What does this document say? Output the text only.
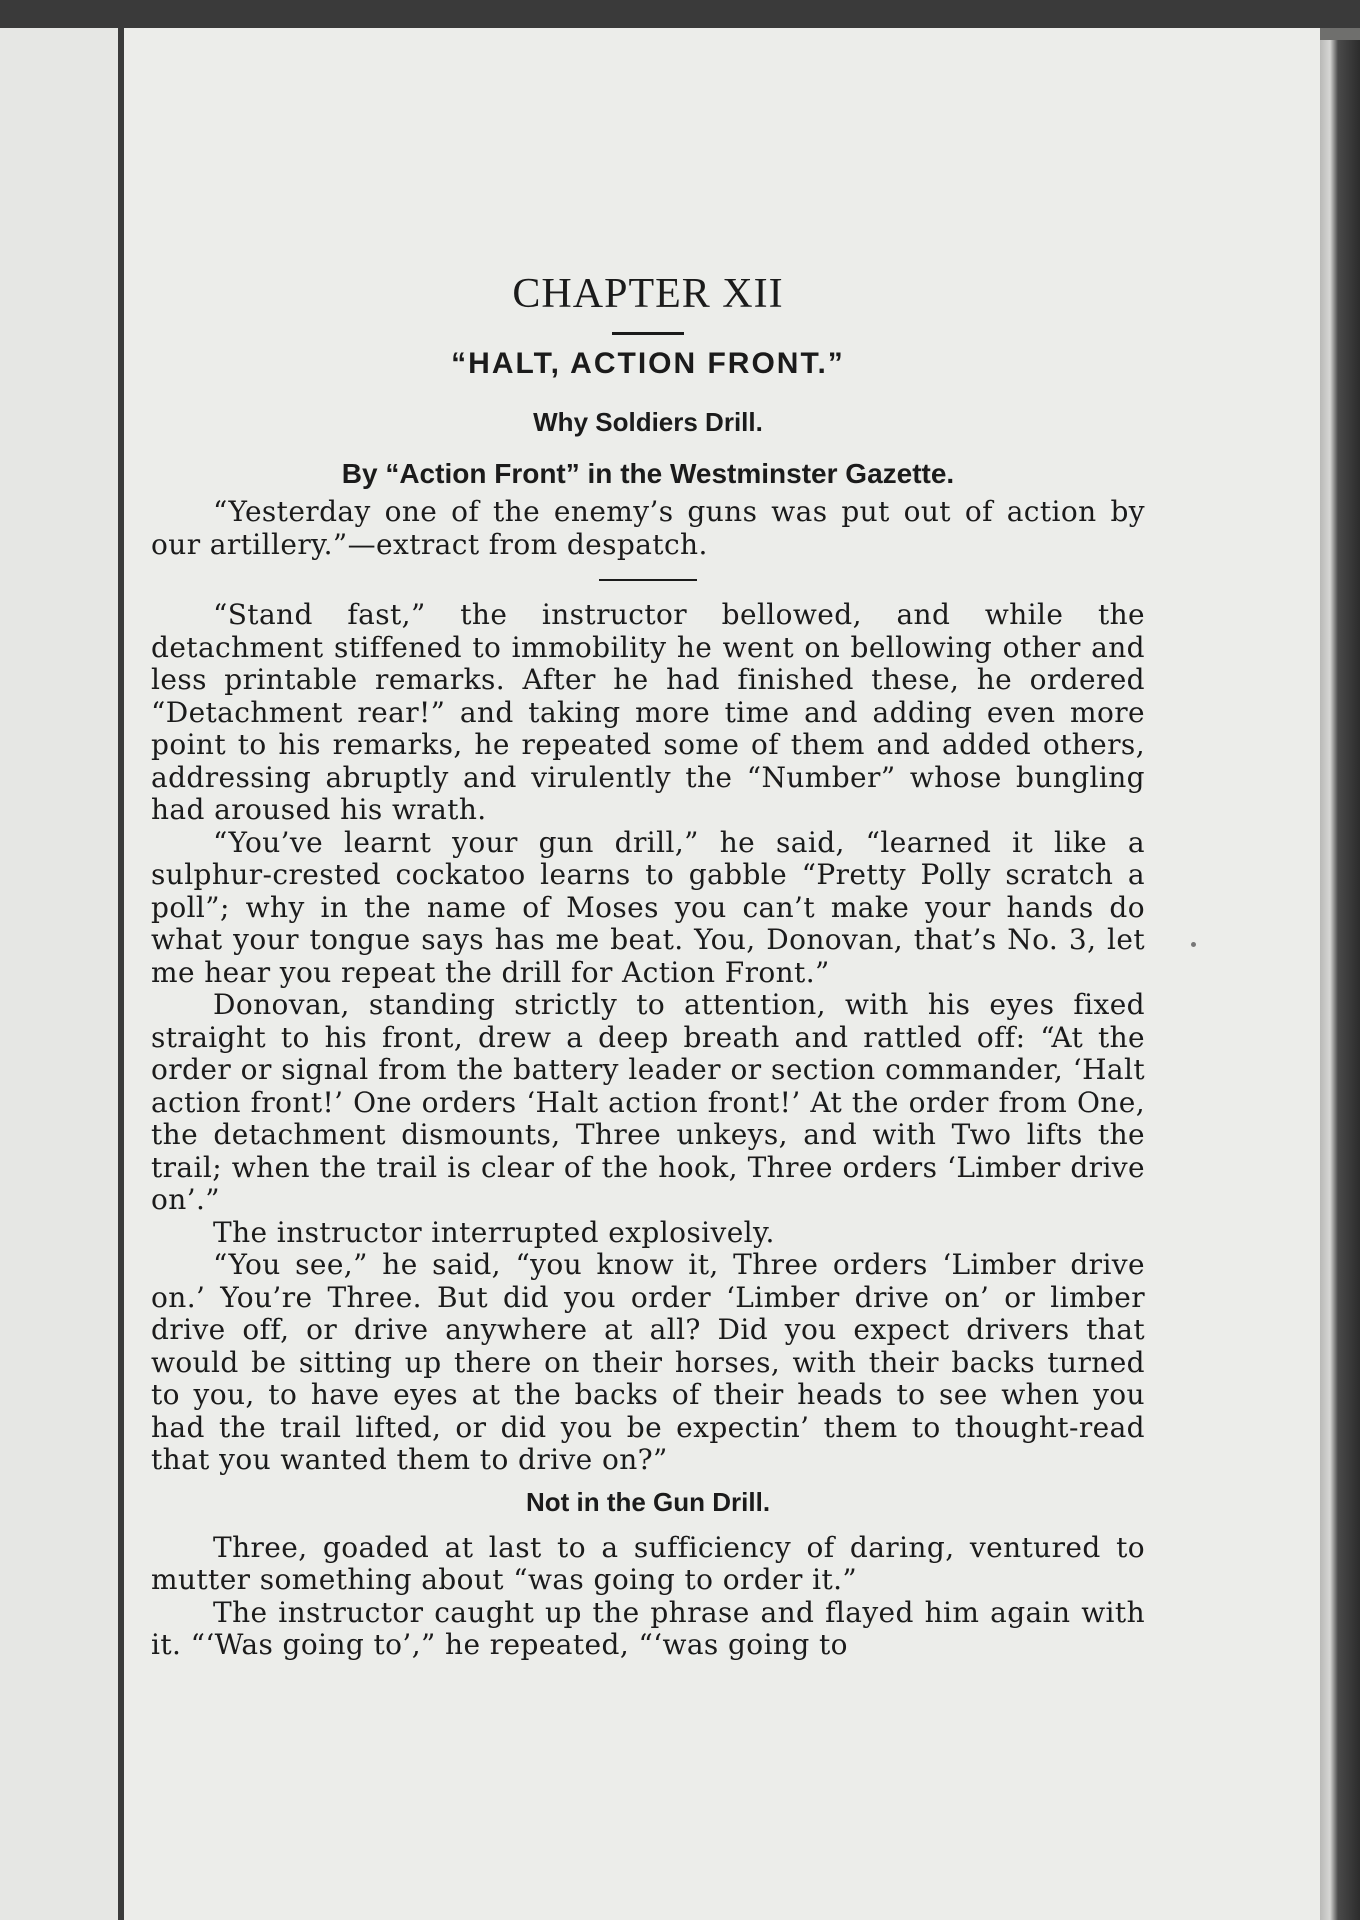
CHAPTER XII
“HALT, ACTION FRONT.”
Why Soldiers Drill.
By “Action Front” in the Westminster Gazette.

“Yesterday one of the enemy’s guns was put out of action by our artillery.”—extract from despatch.

“Stand fast,” the instructor bellowed, and while the detachment stiffened to immobility he went on bellowing other and less printable remarks. After he had finished these, he ordered “Detachment rear!” and taking more time and adding even more point to his remarks, he repeated some of them and added others, addressing abruptly and virulently the “Number” whose bungling had aroused his wrath.

“You’ve learnt your gun drill,” he said, “learned it like a sulphur-crested cockatoo learns to gabble “Pretty Polly scratch a poll”; why in the name of Moses you can’t make your hands do what your tongue says has me beat. You, Donovan, that’s No. 3, let me hear you repeat the drill for Action Front.”

Donovan, standing strictly to attention, with his eyes fixed straight to his front, drew a deep breath and rattled off: “At the order or signal from the battery leader or section commander, ‘Halt action front!’ One orders ‘Halt action front!’ At the order from One, the detachment dismounts, Three unkeys, and with Two lifts the trail; when the trail is clear of the hook, Three orders ‘Limber drive on’.”

The instructor interrupted explosively.

“You see,” he said, “you know it, Three orders ‘Limber drive on.’ You’re Three. But did you order ‘Limber drive on’ or limber drive off, or drive anywhere at all? Did you expect drivers that would be sitting up there on their horses, with their backs turned to you, to have eyes at the backs of their heads to see when you had the trail lifted, or did you be expectin’ them to thought-read that you wanted them to drive on?”

Not in the Gun Drill.

Three, goaded at last to a sufficiency of daring, ventured to mutter something about “was going to order it.”

The instructor caught up the phrase and flayed him again with it. “‘Was going to’,” he repeated, “‘was going to
